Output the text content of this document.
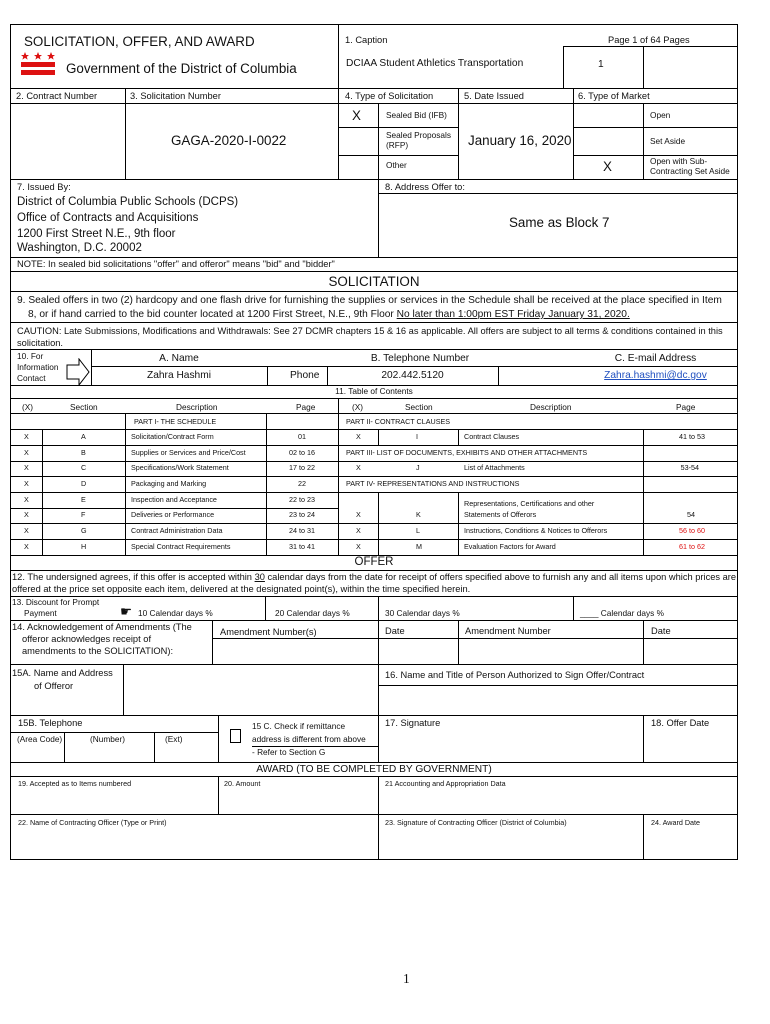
SOLICITATION, OFFER, AND AWARD
Government of the District of Columbia
1. Caption
DCIAA Student Athletics Transportation
Page 1 of 64 Pages
1
2. Contract Number	3. Solicitation Number
GAGA-2020-I-0022
4. Type of Solicitation
X	Sealed Bid (IFB)
Sealed Proposals (RFP)
Other
5. Date Issued
January 16, 2020
6. Type of Market
Open
Set Aside
X	Open with Sub-Contracting Set Aside
7. Issued By:
District of Columbia Public Schools (DCPS)
Office of Contracts and Acquisitions
1200 First Street N.E., 9th floor
Washington, D.C. 20002
8. Address Offer to:
Same as Block 7
NOTE: In sealed bid solicitations "offer" and offeror" means "bid" and "bidder"
SOLICITATION
9. Sealed offers in two (2) hardcopy and one flash drive for furnishing the supplies or services in the Schedule shall be received at the place specified in Item
8, or if hand carried to the bid counter located at 1200 First Street, N.E., 9th Floor No later than 1:00pm EST Friday January 31, 2020.
CAUTION: Late Submissions, Modifications and Withdrawals: See 27 DCMR chapters 15 & 16 as applicable. All offers are subject to all terms & conditions contained in this
solicitation.
10. For
Information
Contact
A. Name
Zahra Hashmi
B. Telephone Number
Phone	202.442.5120
C. E-mail Address
Zahra.hashmi@dc.gov
11. Table of Contents
(X)	Section	Description	Page	(X)	Section	Description	Page
PART I- THE SCHEDULE	PART II- CONTRACT CLAUSES
PART III- LIST OF DOCUMENTS, EXHIBITS AND OTHER ATTACHMENTS
PART IV- REPRESENTATIONS AND INSTRUCTIONS
X	A	Solicitation/Contract Form	01
X	B	Supplies or Services and Price/Cost	02 to 16
X	C	Specifications/Work Statement	17 to 22
X	D	Packaging and Marking	22
X	E	Inspection and Acceptance	22 to 23
X	F	Deliveries or Performance	23 to 24
X	G	Contract Administration Data	24 to 31
X	H	Special Contract Requirements	31 to 41
X	I	Contract Clauses	41 to 53
X	J	List of Attachments	53-54
X	K
Representations, Certifications and other
Statements of Offerors	54
X	L	Instructions, Conditions & Notices to Offerors	56 to 60
X	M	Evaluation Factors for Award	61 to 62
OFFER
12. The undersigned agrees, if this offer is accepted within 30 calendar days from the date for receipt of offers specified above to furnish any and all items upon which prices are
offered at the price set opposite each item, delivered at the designated point(s), within the time specified herein.
13. Discount for Prompt
Payment	☛ 10 Calendar days %	20 Calendar days %	30 Calendar days %	____ Calendar days %
14. Acknowledgement of Amendments (The
offeror acknowledges receipt of
amendments to the SOLICITATION):
Amendment Number(s)	Date	Amendment Number	Date
15A. Name and Address
of Offeror
16. Name and Title of Person Authorized to Sign Offer/Contract
15B. Telephone
(Area Code)	(Number)	(Ext)
15 C. Check if remittance
address is different from above
- Refer to Section G
17. Signature	18. Offer Date
AWARD (TO BE COMPLETED BY GOVERNMENT)
19. Accepted as to Items numbered	20. Amount	21 Accounting and Appropriation Data
22. Name of Contracting Officer (Type or Print)	23. Signature of Contracting Officer (District of Columbia)	24. Award Date
1
